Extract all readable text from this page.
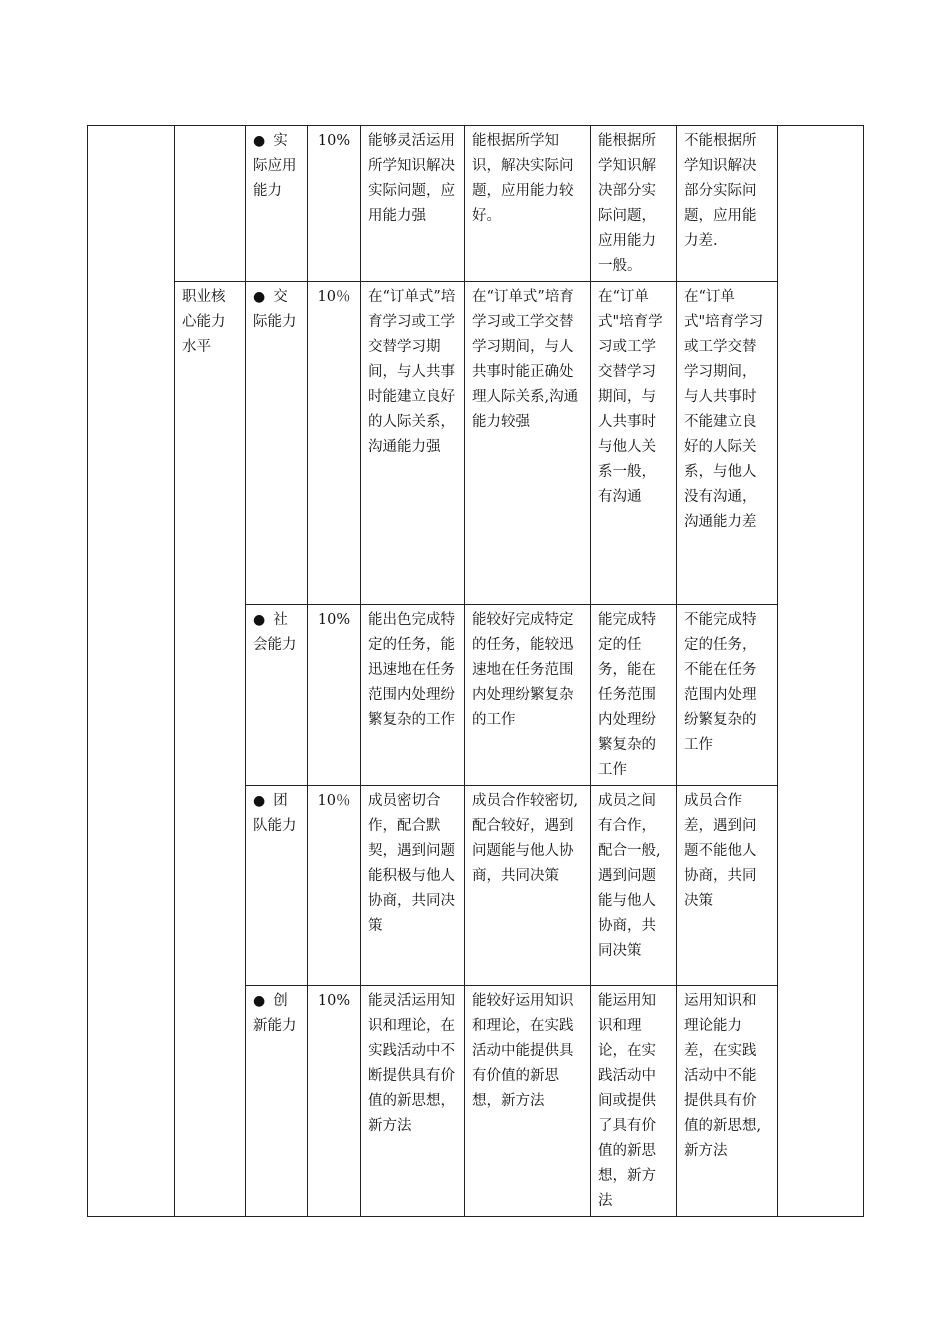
		● 实际应用能力	10%	能够灵活运用所学知识解决实际问题，应用能力强	能根据所学知识，解决实际问题，应用能力较好。	能根据所学知识解决部分实际问题，应用能力一般。	不能根据所学知识解决部分实际问题，应用能力差.	
	职业核心能力水平	● 交际能力	10％	在“订单式”培育学习或工学交替学习期间，与人共事时能建立良好的人际关系，沟通能力强	在“订单式”培育学习或工学交替学习期间，与人共事时能正确处理人际关系,沟通能力较强	在“订单式"培育学习或工学交替学习期间，与人共事时与他人关系一般，有沟通	在“订单式"培育学习或工学交替学习期间，与人共事时不能建立良好的人际关系，与他人没有沟通，沟通能力差	
		● 社会能力	10%	能出色完成特定的任务，能迅速地在任务范围内处理纷繁复杂的工作	能较好完成特定的任务，能较迅速地在任务范围内处理纷繁复杂的工作	能完成特定的任务，能在任务范围内处理纷繁复杂的工作	不能完成特定的任务，不能在任务范围内处理纷繁复杂的工作	
		● 团队能力	10％	成员密切合作，配合默契，遇到问题能积极与他人协商，共同决策	成员合作较密切,配合较好，遇到问题能与他人协商，共同决策	成员之间有合作，配合一般,遇到问题能与他人协商，共同决策	成员合作差，遇到问题不能他人协商，共同决策	
		● 创新能力	10%	能灵活运用知识和理论，在实践活动中不断提供具有价值的新思想，新方法	能较好运用知识和理论，在实践活动中能提供具有价值的新思想，新方法	能运用知识和理论，在实践活动中间或提供了具有价值的新思想，新方法	运用知识和理论能力差，在实践活动中不能提供具有价值的新思想,新方法	
